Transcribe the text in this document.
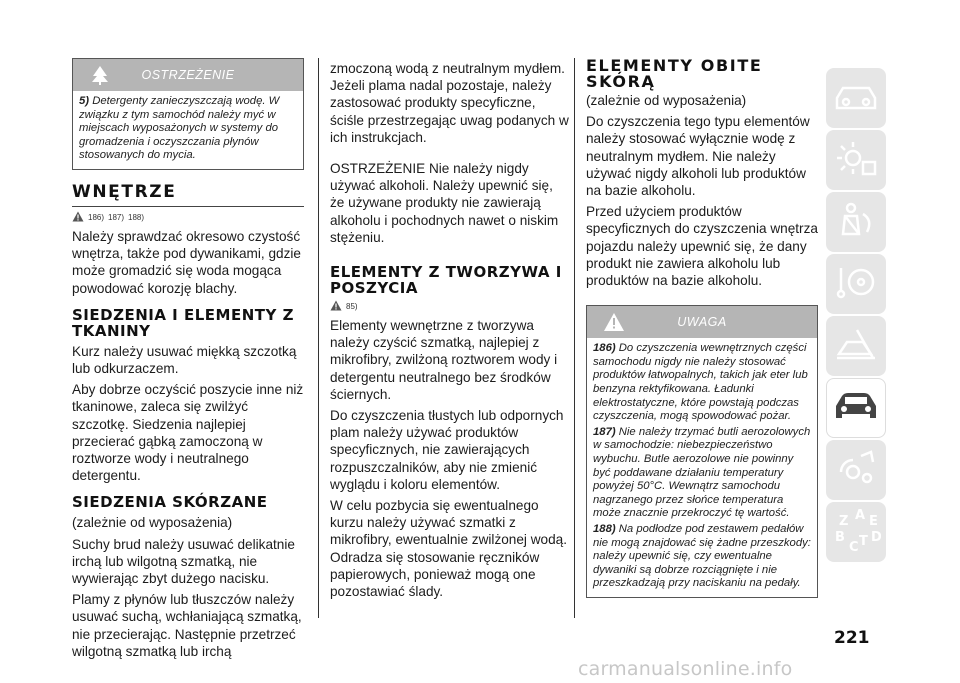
OSTRZEŻENIE
5) Detergenty zanieczyszczają wodę. W związku z tym samochód należy myć w miejscach wyposażonych w systemy do gromadzenia i oczyszczania płynów stosowanych do mycia.
WNĘTRZE
186) 187) 188)

Należy sprawdzać okresowo czystość wnętrza, także pod dywanikami, gdzie może gromadzić się woda mogąca powodować korozję blachy.

SIEDZENIA I ELEMENTY Z TKANINY

Kurz należy usuwać miękką szczotką lub odkurzaczem.

Aby dobrze oczyścić poszycie inne niż tkaninowe, zaleca się zwilżyć szczotkę. Siedzenia najlepiej przecierać gąbką zamoczoną w roztworze wody i neutralnego detergentu.

SIEDZENIA SKÓRZANE

(zależnie od wyposażenia)

Suchy brud należy usuwać delikatnie irchą lub wilgotną szmatką, nie wywierając zbyt dużego nacisku.

Plamy z płynów lub tłuszczów należy usuwać suchą, wchłaniającą szmatką, nie przecierając. Następnie przetrzeć wilgotną szmatką lub irchą

zmoczoną wodą z neutralnym mydłem. Jeżeli plama nadal pozostaje, należy zastosować produkty specyficzne, ściśle przestrzegając uwag podanych w ich instrukcjach.

OSTRZEŻENIE Nie należy nigdy używać alkoholi. Należy upewnić się, że używane produkty nie zawierają alkoholu i pochodnych nawet o niskim stężeniu.

ELEMENTY Z TWORZYWA I POSZYCIA
85)

Elementy wewnętrzne z tworzywa należy czyścić szmatką, najlepiej z mikrofibry, zwilżoną roztworem wody i detergentu neutralnego bez środków ściernych.

Do czyszczenia tłustych lub odpornych plam należy używać produktów specyficznych, nie zawierających rozpuszczalników, aby nie zmienić wyglądu i koloru elementów.

W celu pozbycia się ewentualnego kurzu należy używać szmatki z mikrofibry, ewentualnie zwilżonej wodą. Odradza się stosowanie ręczników papierowych, ponieważ mogą one pozostawiać ślady.

ELEMENTY OBITE SKÓRĄ

(zależnie od wyposażenia)

Do czyszczenia tego typu elementów należy stosować wyłącznie wodę z neutralnym mydłem. Nie należy używać nigdy alkoholi lub produktów na bazie alkoholu.

Przed użyciem produktów specyficznych do czyszczenia wnętrza pojazdu należy upewnić się, że dany produkt nie zawiera alkoholu lub produktów na bazie alkoholu.

UWAGA

186) Do czyszczenia wewnętrznych części samochodu nigdy nie należy stosować produktów łatwopalnych, takich jak eter lub benzyna rektyfikowana. Ładunki elektrostatyczne, które powstają podczas czyszczenia, mogą spowodować pożar.

187) Nie należy trzymać butli aerozolowych w samochodzie: niebezpieczeństwo wybuchu. Butle aerozolowe nie powinny być poddawane działaniu temperatury powyżej 50°C. Wewnątrz samochodu nagrzanego przez słońce temperatura może znacznie przekroczyć tę wartość.

188) Na podłodze pod zestawem pedałów nie mogą znajdować się żadne przeszkody: należy upewnić się, czy ewentualne dywaniki są dobrze rozciągnięte i nie przeszkadzają przy naciskaniu na pedały.

Z A E
B
C T D
221
carmanualsonline.info
